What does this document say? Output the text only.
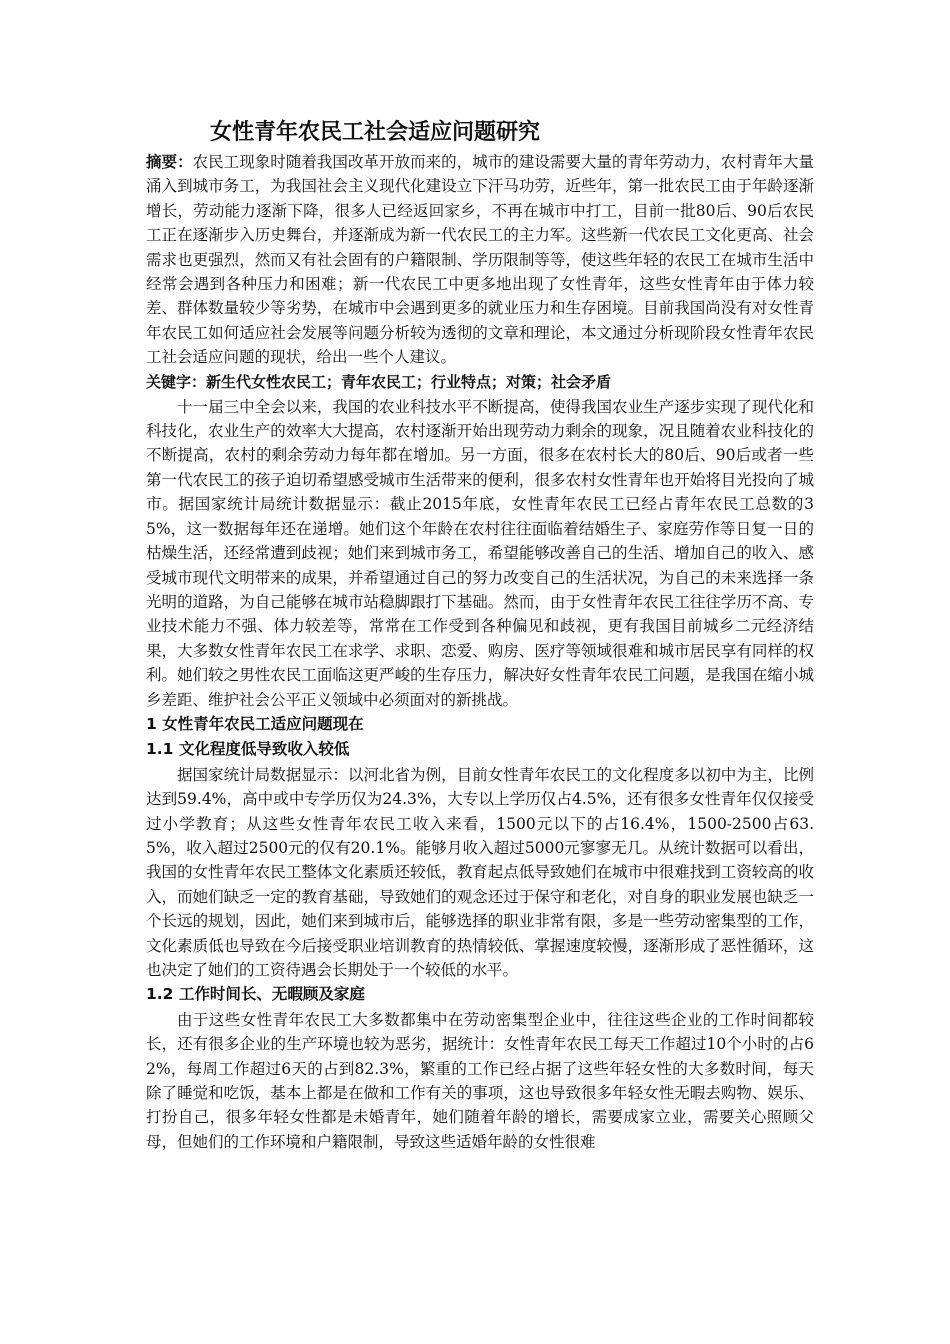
女性青年农民工社会适应问题研究

摘要：农民工现象时随着我国改革开放而来的，城市的建设需要大量的青年劳动力，农村青年大量涌入到城市务工，为我国社会主义现代化建设立下汗马功劳，近些年，第一批农民工由于年龄逐渐增长，劳动能力逐渐下降，很多人已经返回家乡，不再在城市中打工，目前一批80后、90后农民工正在逐渐步入历史舞台，并逐渐成为新一代农民工的主力军。这些新一代农民工文化更高、社会需求也更强烈，然而又有社会固有的户籍限制、学历限制等等，使这些年轻的农民工在城市生活中经常会遇到各种压力和困难；新一代农民工中更多地出现了女性青年，这些女性青年由于体力较差、群体数量较少等劣势，在城市中会遇到更多的就业压力和生存困境。目前我国尚没有对女性青年农民工如何适应社会发展等问题分析较为透彻的文章和理论，本文通过分析现阶段女性青年农民工社会适应问题的现状，给出一些个人建议。

关键字：新生代女性农民工；青年农民工；行业特点；对策；社会矛盾

十一届三中全会以来，我国的农业科技水平不断提高，使得我国农业生产逐步实现了现代化和科技化，农业生产的效率大大提高，农村逐渐开始出现劳动力剩余的现象，况且随着农业科技化的不断提高，农村的剩余劳动力每年都在增加。另一方面，很多在农村长大的80后、90后或者一些第一代农民工的孩子迫切希望感受城市生活带来的便利，很多农村女性青年也开始将目光投向了城市。据国家统计局统计数据显示：截止2015年底，女性青年农民工已经占青年农民工总数的35%，这一数据每年还在递增。她们这个年龄在农村往往面临着结婚生子、家庭劳作等日复一日的枯燥生活，还经常遭到歧视；她们来到城市务工，希望能够改善自己的生活、增加自己的收入、感受城市现代文明带来的成果，并希望通过自己的努力改变自己的生活状况，为自己的未来选择一条光明的道路，为自己能够在城市站稳脚跟打下基础。然而，由于女性青年农民工往往学历不高、专业技术能力不强、体力较差等，常常在工作受到各种偏见和歧视，更有我国目前城乡二元经济结果，大多数女性青年农民工在求学、求职、恋爱、购房、医疗等领域很难和城市居民享有同样的权利。她们较之男性农民工面临这更严峻的生存压力，解决好女性青年农民工问题，是我国在缩小城乡差距、维护社会公平正义领域中必须面对的新挑战。

1 女性青年农民工适应问题现在
1.1 文化程度低导致收入较低

据国家统计局数据显示：以河北省为例，目前女性青年农民工的文化程度多以初中为主，比例达到59.4%，高中或中专学历仅为24.3%，大专以上学历仅占4.5%，还有很多女性青年仅仅接受过小学教育；从这些女性青年农民工收入来看，1500元以下的占16.4%，1500-2500占63.5%，收入超过2500元的仅有20.1%。能够月收入超过5000元寥寥无几。从统计数据可以看出，我国的女性青年农民工整体文化素质还较低，教育起点低导致她们在城市中很难找到工资较高的收入，而她们缺乏一定的教育基础，导致她们的观念还过于保守和老化，对自身的职业发展也缺乏一个长远的规划，因此，她们来到城市后，能够选择的职业非常有限，多是一些劳动密集型的工作，文化素质低也导致在今后接受职业培训教育的热情较低、掌握速度较慢，逐渐形成了恶性循环，这也决定了她们的工资待遇会长期处于一个较低的水平。

1.2 工作时间长、无暇顾及家庭

由于这些女性青年农民工大多数都集中在劳动密集型企业中，往往这些企业的工作时间都较长，还有很多企业的生产环境也较为恶劣，据统计：女性青年农民工每天工作超过10个小时的占62%，每周工作超过6天的占到82.3%，繁重的工作已经占据了这些年轻女性的大多数时间，每天除了睡觉和吃饭，基本上都是在做和工作有关的事项，这也导致很多年轻女性无暇去购物、娱乐、打扮自己，很多年轻女性都是未婚青年，她们随着年龄的增长，需要成家立业，需要关心照顾父母，但她们的工作环境和户籍限制，导致这些适婚年龄的女性很难
